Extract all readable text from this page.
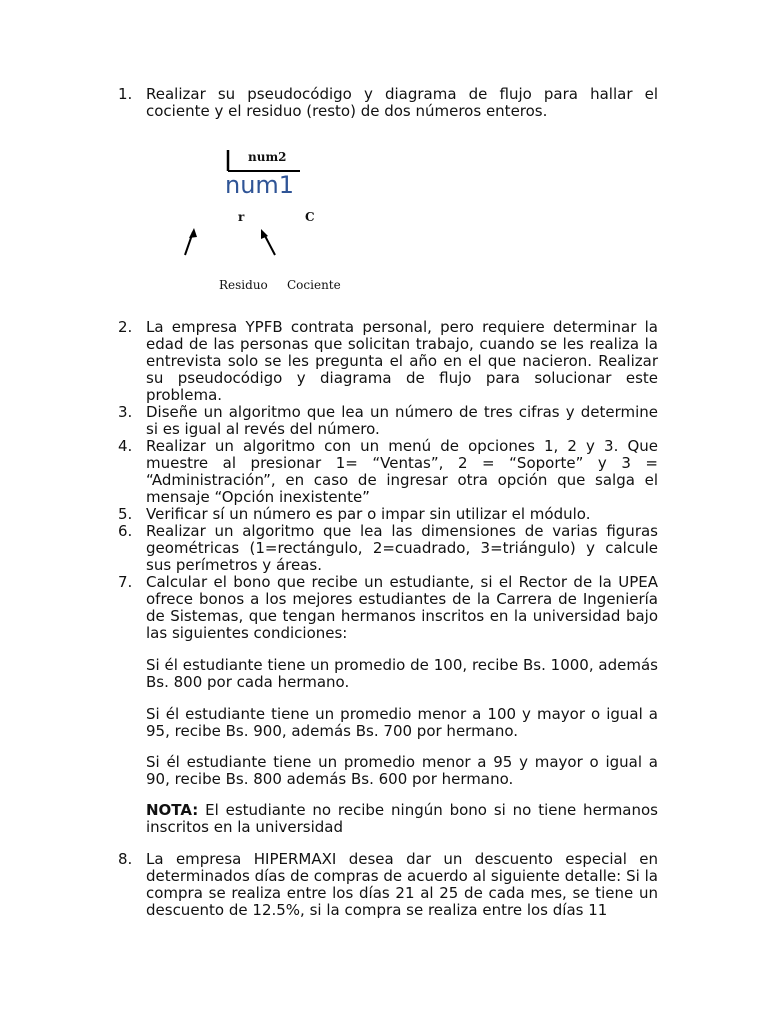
1. Realizar su pseudocódigo y diagrama de flujo para hallar el cociente y el residuo (resto) de dos números enteros.
num2
num1
r	C
Residuo Cociente
2. La empresa YPFB contrata personal, pero requiere determinar la edad de las personas que solicitan trabajo, cuando se les realiza la entrevista solo se les pregunta el año en el que nacieron. Realizar su pseudocódigo y diagrama de flujo para solucionar este problema.
3. Diseñe un algoritmo que lea un número de tres cifras y determine si es igual al revés del número.
4. Realizar un algoritmo con un menú de opciones 1, 2 y 3. Que muestre al presionar 1= “Ventas”, 2 = “Soporte” y 3 = “Administración”, en caso de ingresar otra opción que salga el mensaje “Opción inexistente”
5. Verificar sí un número es par o impar sin utilizar el módulo.
6. Realizar un algoritmo que lea las dimensiones de varias figuras geométricas (1=rectángulo, 2=cuadrado, 3=triángulo) y calcule sus perímetros y áreas.
7. Calcular el bono que recibe un estudiante, si el Rector de la UPEA ofrece bonos a los mejores estudiantes de la Carrera de Ingeniería de Sistemas, que tengan hermanos inscritos en la universidad bajo las siguientes condiciones:
Si él estudiante tiene un promedio de 100, recibe Bs. 1000, además Bs. 800 por cada hermano.
Si él estudiante tiene un promedio menor a 100 y mayor o igual a 95, recibe Bs. 900, además Bs. 700 por hermano.
Si él estudiante tiene un promedio menor a 95 y mayor o igual a 90, recibe Bs. 800 además Bs. 600 por hermano.
NOTA: El estudiante no recibe ningún bono si no tiene hermanos inscritos en la universidad
8. La empresa HIPERMAXI desea dar un descuento especial en determinados días de compras de acuerdo al siguiente detalle: Si la compra se realiza entre los días 21 al 25 de cada mes, se tiene un descuento de 12.5%, si la compra se realiza entre los días 11
